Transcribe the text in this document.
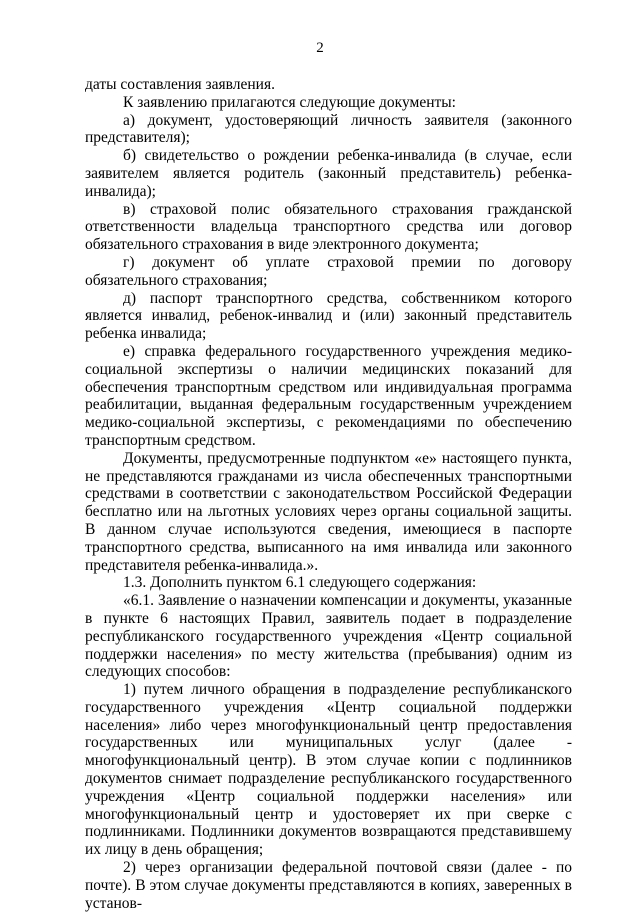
2

даты составления заявления.

К заявлению прилагаются следующие документы:

а) документ, удостоверяющий личность заявителя (законного представителя);

б) свидетельство о рождении ребенка-инвалида (в случае, если заявителем является родитель (законный представитель) ребенка-инвалида);

в) страховой полис обязательного страхования гражданской ответственности владельца транспортного средства или договор обязательного страхования в виде электронного документа;

г) документ об уплате страховой премии по договору обязательного страхования;

д) паспорт транспортного средства, собственником которого является инвалид, ребенок-инвалид и (или) законный представитель ребенка инвалида;

е) справка федерального государственного учреждения медико-социальной экспертизы о наличии медицинских показаний для обеспечения транспортным средством или индивидуальная программа реабилитации, выданная федеральным государственным учреждением медико-социальной экспертизы, с рекомендациями по обеспечению транспортным средством.

Документы, предусмотренные подпунктом «е» настоящего пункта, не представляются гражданами из числа обеспеченных транспортными средствами в соответствии с законодательством Российской Федерации бесплатно или на льготных условиях через органы социальной защиты. В данном случае используются сведения, имеющиеся в паспорте транспортного средства, выписанного на имя инвалида или законного представителя ребенка-инвалида.».

1.3. Дополнить пунктом 6.1 следующего содержания:

«6.1. Заявление о назначении компенсации и документы, указанные в пункте 6 настоящих Правил, заявитель подает в подразделение республиканского государственного учреждения «Центр социальной поддержки населения» по месту жительства (пребывания) одним из следующих способов:

1) путем личного обращения в подразделение республиканского государственного учреждения «Центр социальной поддержки населения» либо через многофункциональный центр предоставления государственных или муниципальных услуг (далее - многофункциональный центр). В этом случае копии с подлинников документов снимает подразделение республиканского государственного учреждения «Центр социальной поддержки населения» или многофункциональный центр и удостоверяет их при сверке с подлинниками. Подлинники документов возвращаются представившему их лицу в день обращения;

2) через организации федеральной почтовой связи (далее - по почте). В этом случае документы представляются в копиях, заверенных в установ-
